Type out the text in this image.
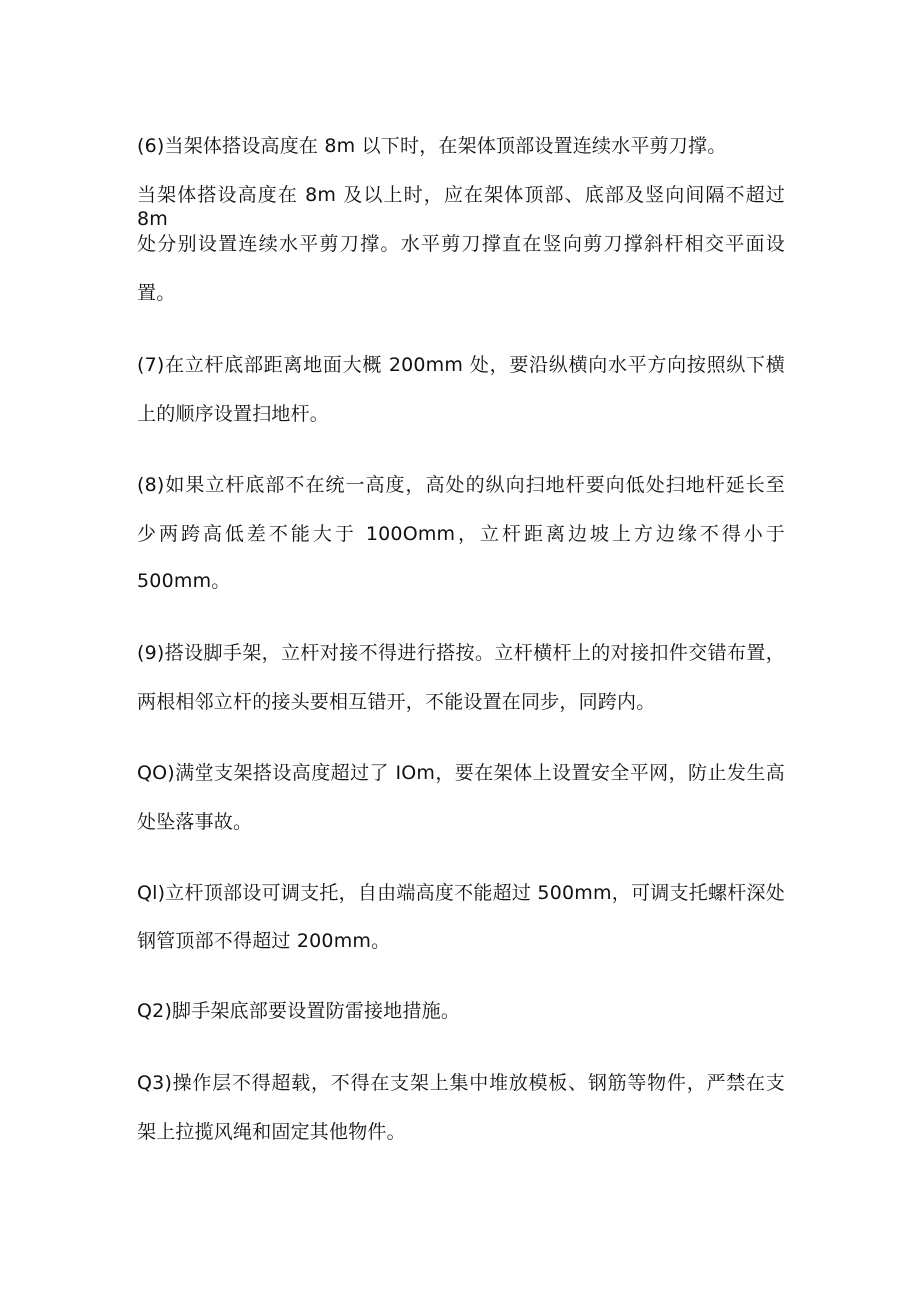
(6)当架体搭设高度在 8m 以下时，在架体顶部设置连续水平剪刀撑。
当架体搭设高度在 8m 及以上时，应在架体顶部、底部及竖向间隔不超过 8m
处分别设置连续水平剪刀撑。水平剪刀撑直在竖向剪刀撑斜杆相交平面设
置。
(7)在立杆底部距离地面大概 200mm 处，要沿纵横向水平方向按照纵下横
上的顺序设置扫地杆。
(8)如果立杆底部不在统一高度，高处的纵向扫地杆要向低处扫地杆延长至
少两跨高低差不能大于 100Omm，立杆距离边坡上方边缘不得小于
500mm。
(9)搭设脚手架，立杆对接不得进行搭按。立杆横杆上的对接扣件交错布置，
两根相邻立杆的接头要相互错开，不能设置在同步，同跨内。
QO)满堂支架搭设高度超过了 IOm，要在架体上设置安全平网，防止发生高
处坠落事故。
Ql)立杆顶部设可调支托，自由端高度不能超过 500mm，可调支托螺杆深处
钢管顶部不得超过 200mm。
Q2)脚手架底部要设置防雷接地措施。
Q3)操作层不得超载，不得在支架上集中堆放模板、钢筋等物件，严禁在支
架上拉揽风绳和固定其他物件。
